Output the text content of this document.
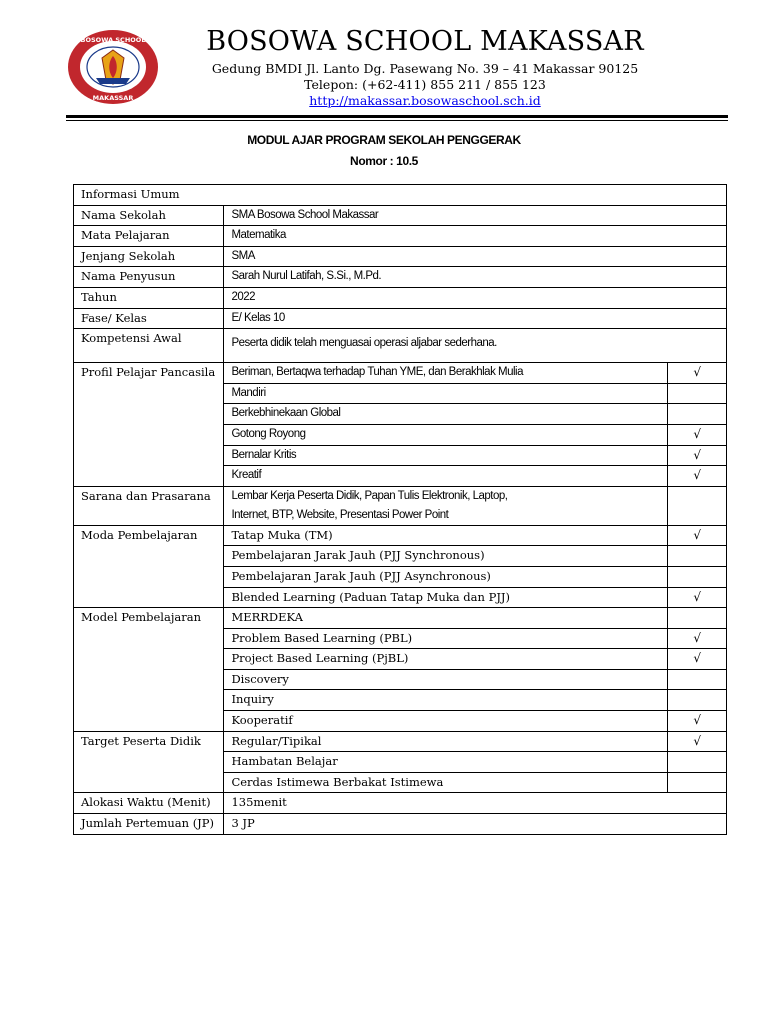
BOSOWA SCHOOL
MAKASSAR
BOSOWA SCHOOL MAKASSAR
Gedung BMDI Jl. Lanto Dg. Pasewang No. 39 – 41 Makassar 90125
Telepon: (+62-411) 855 211 / 855 123
http://makassar.bosowaschool.sch.id
MODUL AJAR PROGRAM SEKOLAH PENGGERAK
Nomor : 10.5
Informasi Umum		
Nama Sekolah	SMA Bosowa School Makassar	
Mata Pelajaran	Matematika	
Jenjang Sekolah	SMA	
Nama Penyusun	Sarah Nurul Latifah, S.Si., M.Pd.	
Tahun	2022	
Fase/ Kelas	E/ Kelas 10	
Kompetensi Awal	Peserta didik telah menguasai operasi aljabar sederhana.	
Profil Pelajar Pancasila	Beriman, Bertaqwa terhadap Tuhan YME, dan Berakhlak Mulia	√
	Mandiri	
	Berkebhinekaan Global	
	Gotong Royong	√
	Bernalar Kritis	√
	Kreatif	√
Sarana dan Prasarana	Lembar Kerja Peserta Didik, Papan Tulis Elektronik, Laptop,
Internet, BTP, Website, Presentasi Power Point	

Moda Pembelajaran	Tatap Muka (TM)	√
	Pembelajaran Jarak Jauh (PJJ Synchronous)	
	Pembelajaran Jarak Jauh (PJJ Asynchronous)	
	Blended Learning (Paduan Tatap Muka dan PJJ)	√
Model Pembelajaran	MERRDEKA	
	Problem Based Learning (PBL)	√
	Project Based Learning (PjBL)	√
	Discovery	
	Inquiry	
	Kooperatif	√
Target Peserta Didik	Regular/Tipikal	√
	Hambatan Belajar	
	Cerdas Istimewa Berbakat Istimewa	
Alokasi Waktu (Menit)	135menit	
Jumlah Pertemuan (JP)	3 JP	
